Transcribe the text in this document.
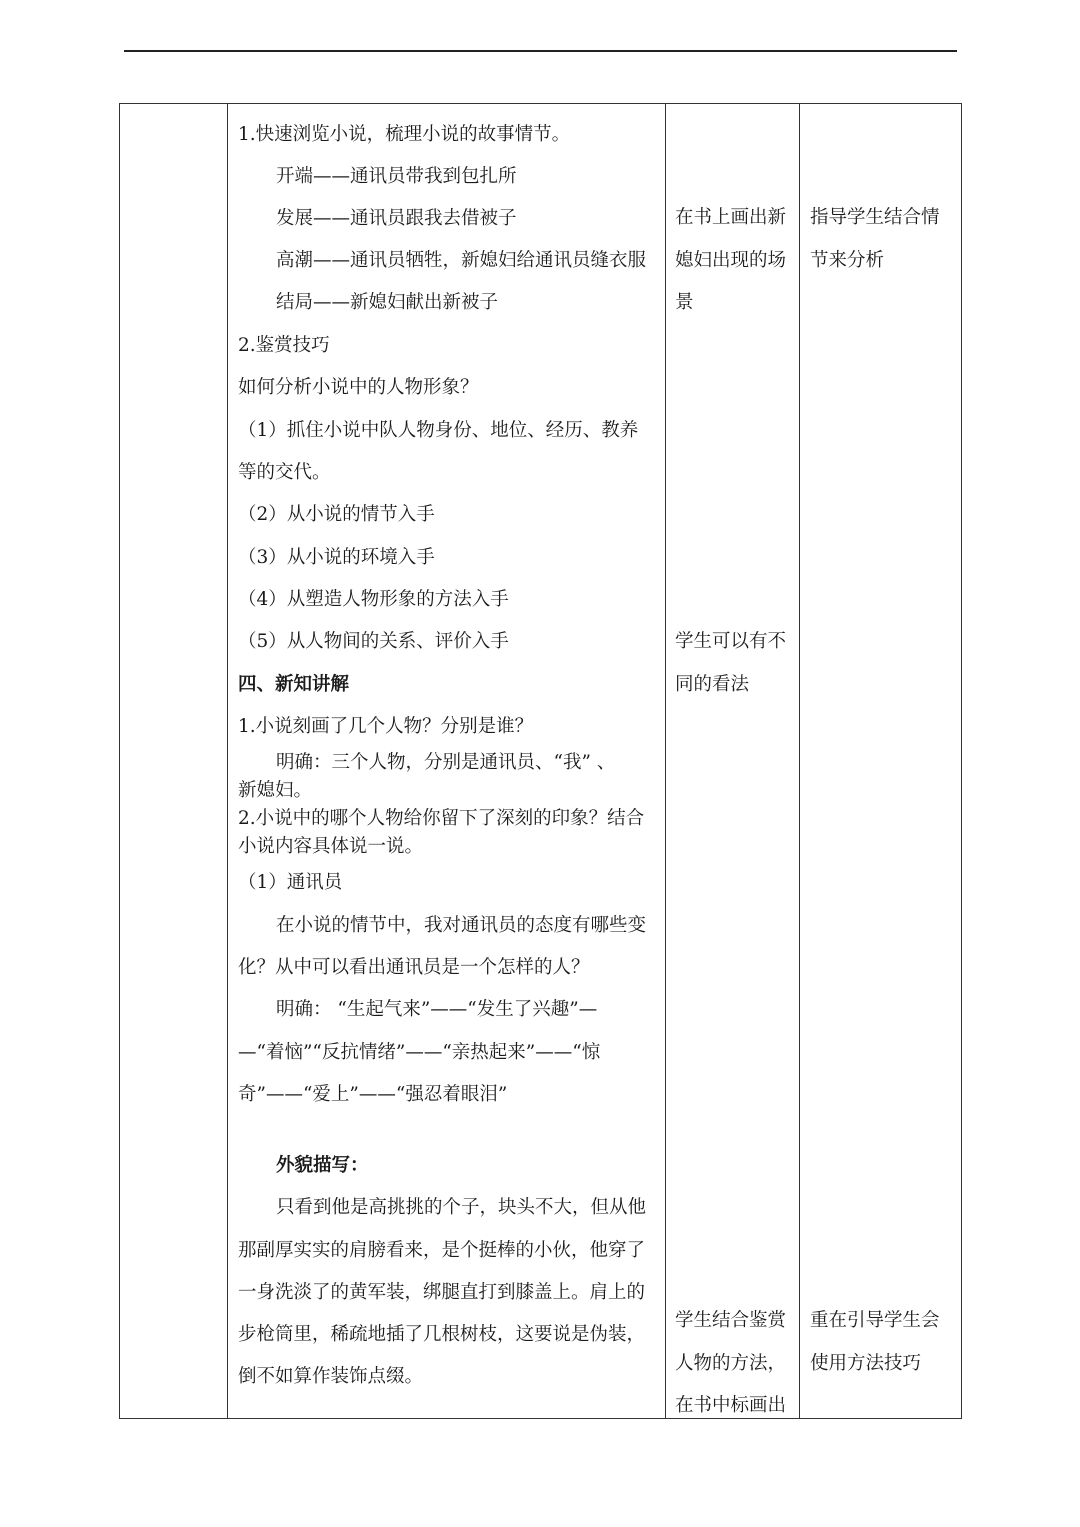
1.快速浏览小说，梳理小说的故事情节。
开端——通讯员带我到包扎所
发展——通讯员跟我去借被子
高潮——通讯员牺牲，新媳妇给通讯员缝衣服
结局——新媳妇献出新被子
2.鉴赏技巧
如何分析小说中的人物形象？
（1）抓住小说中队人物身份、地位、经历、教养
等的交代。
（2）从小说的情节入手
（3）从小说的环境入手
（4）从塑造人物形象的方法入手
（5）从人物间的关系、评价入手
四、新知讲解
1.小说刻画了几个人物？分别是谁？
明确：三个人物，分别是通讯员、“我” 、
新媳妇。
2.小说中的哪个人物给你留下了深刻的印象？结合
小说内容具体说一说。
（1）通讯员
在小说的情节中，我对通讯员的态度有哪些变
化？从中可以看出通讯员是一个怎样的人？
明确： “生起气来”——“发生了兴趣”—
—“着恼”“反抗情绪”——“亲热起来”——“惊
奇”——“爱上”——“强忍着眼泪”
外貌描写：
只看到他是高挑挑的个子，块头不大，但从他
那副厚实实的肩膀看来，是个挺棒的小伙，他穿了
一身洗淡了的黄军装，绑腿直打到膝盖上。肩上的
步枪筒里，稀疏地插了几根树枝，这要说是伪装，
倒不如算作装饰点缀。
在书上画出新
媳妇出现的场
景
学生可以有不
同的看法
学生结合鉴赏
人物的方法，
在书中标画出
指导学生结合情
节来分析
重在引导学生会
使用方法技巧
